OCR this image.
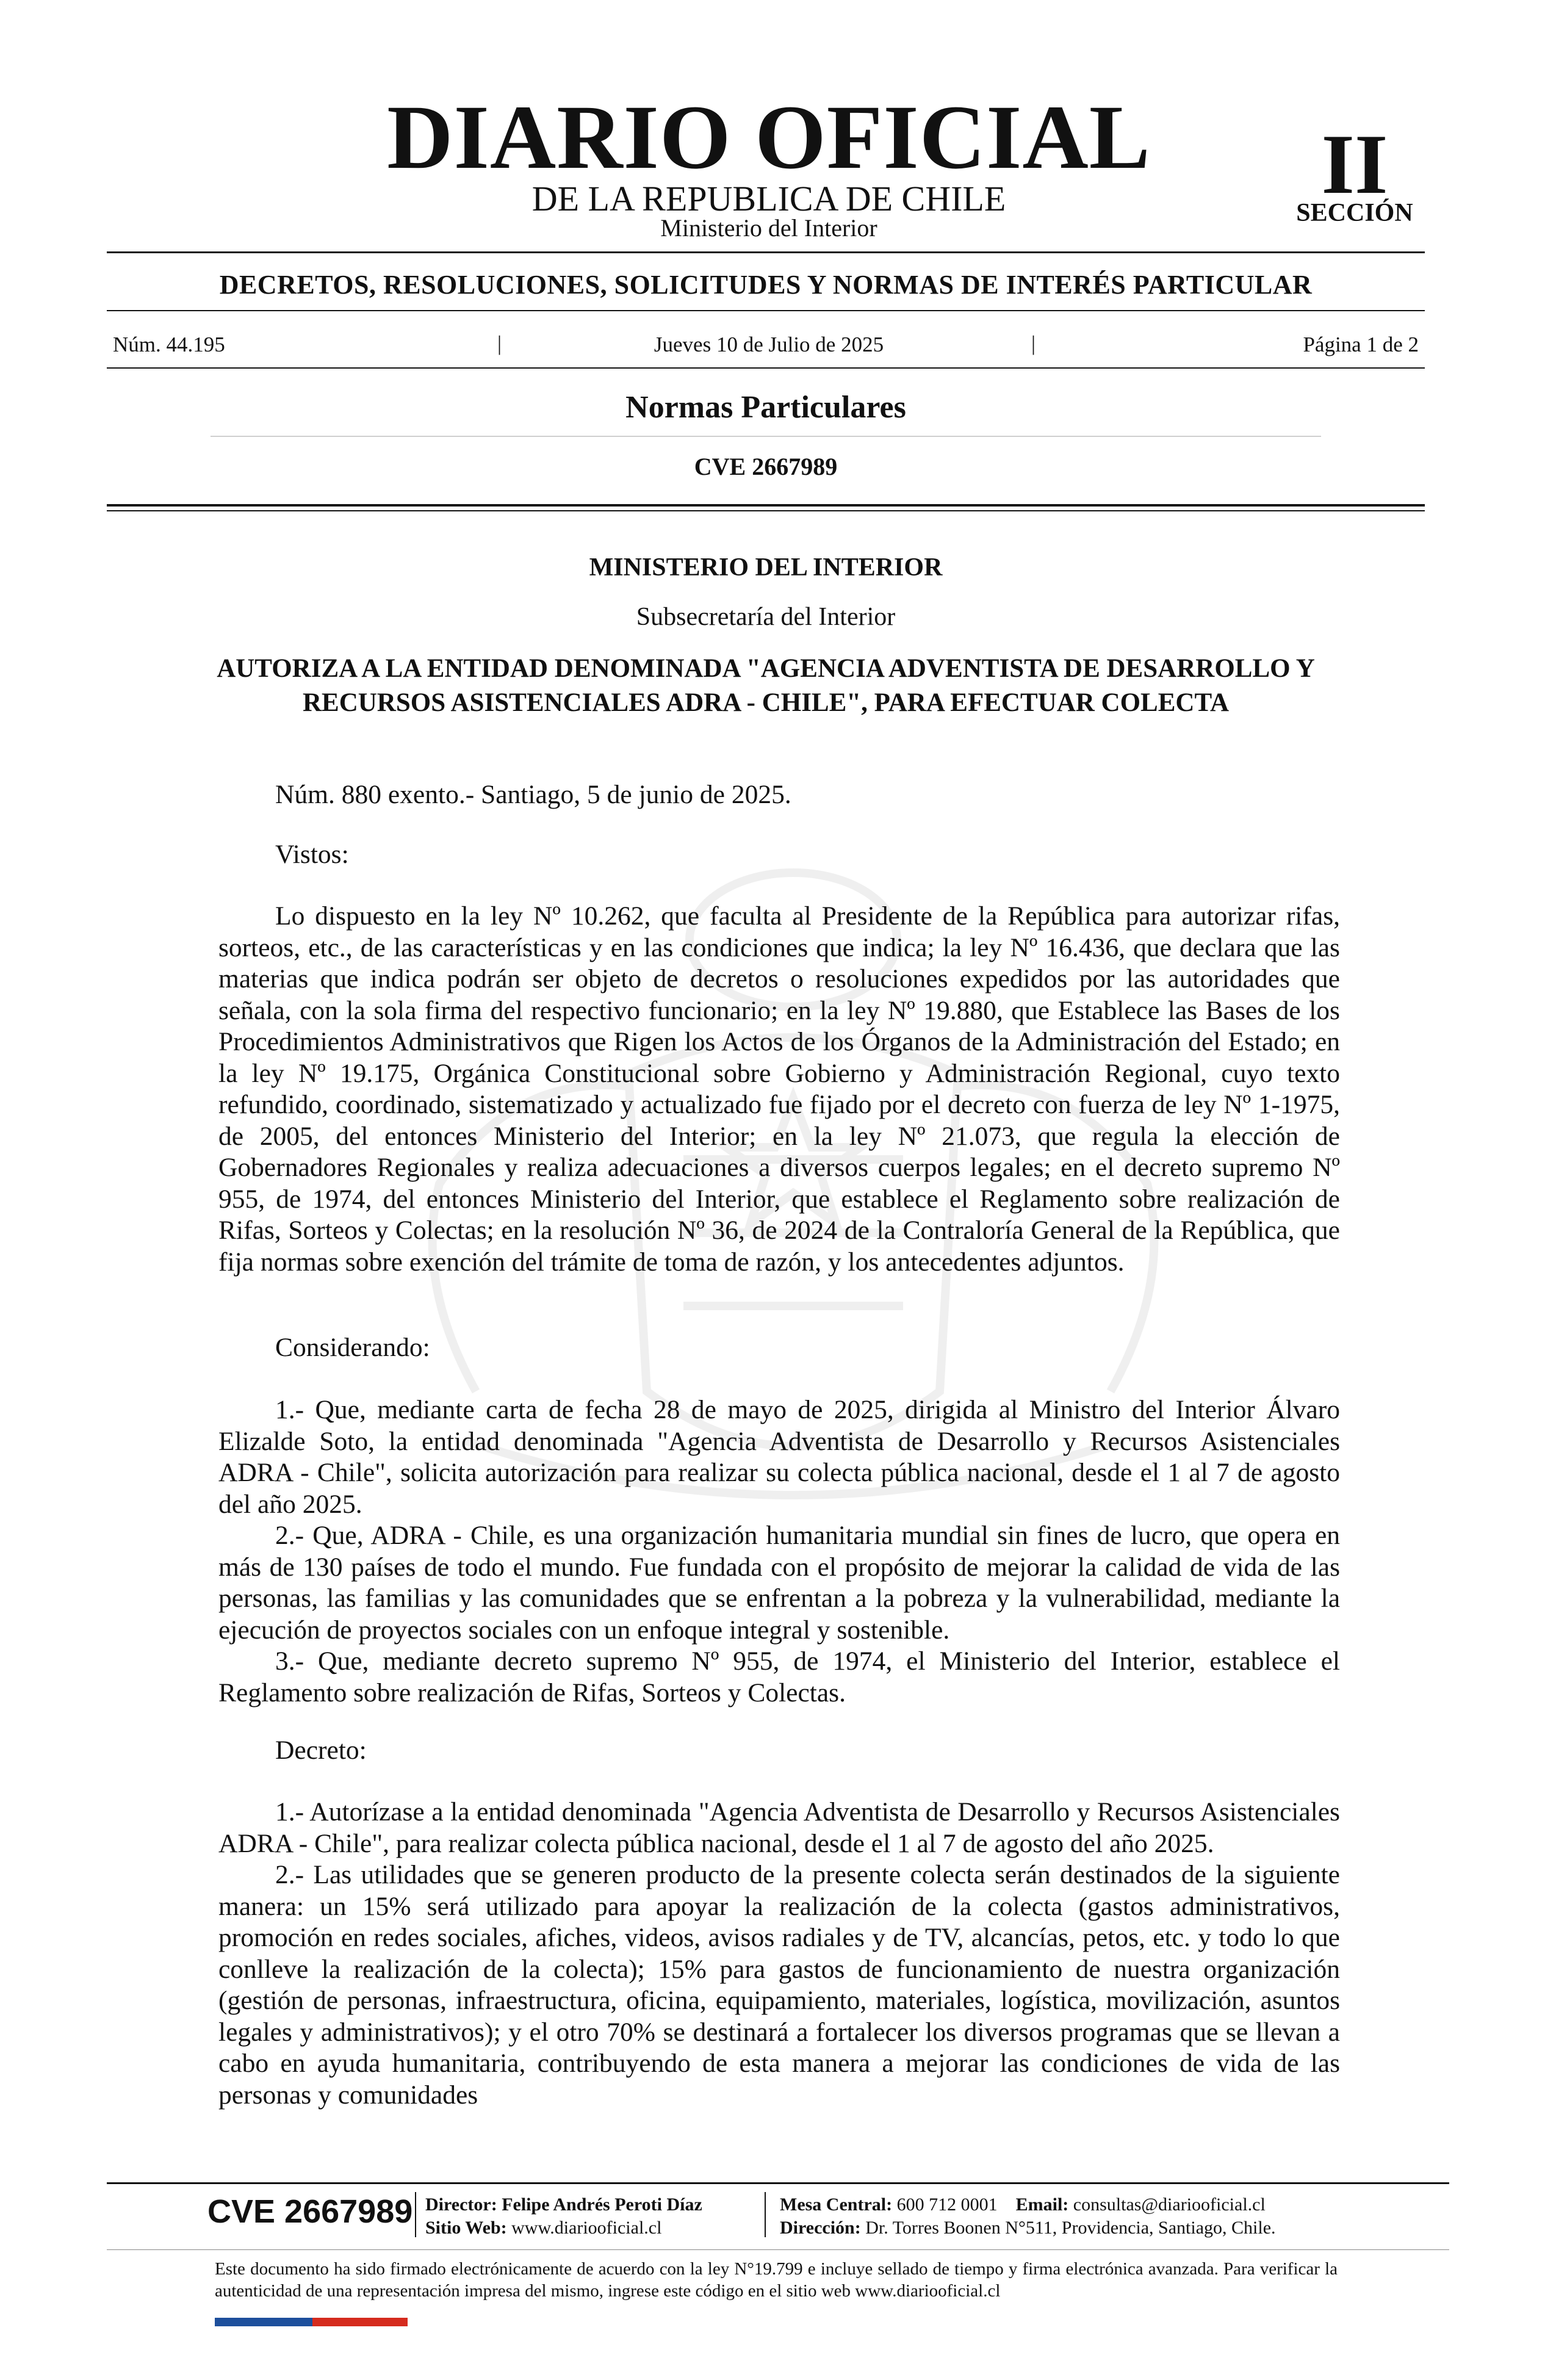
DIARIO OFICIAL
DE LA REPUBLICA DE CHILE
Ministerio del Interior
II
SECCIÓN
DECRETOS, RESOLUCIONES, SOLICITUDES Y NORMAS DE INTERÉS PARTICULAR
Núm. 44.195	|	Jueves 10 de Julio de 2025	|	Página 1 de 2
Normas Particulares
CVE 2667989
MINISTERIO DEL INTERIOR
Subsecretaría del Interior
AUTORIZA A LA ENTIDAD DENOMINADA "AGENCIA ADVENTISTA DE DESARROLLO Y RECURSOS ASISTENCIALES ADRA - CHILE", PARA EFECTUAR COLECTA

Núm. 880 exento.- Santiago, 5 de junio de 2025.

Vistos:

Lo dispuesto en la ley Nº 10.262, que faculta al Presidente de la República para autorizar rifas, sorteos, etc., de las características y en las condiciones que indica; la ley Nº 16.436, que declara que las materias que indica podrán ser objeto de decretos o resoluciones expedidos por las autoridades que señala, con la sola firma del respectivo funcionario; en la ley Nº 19.880, que Establece las Bases de los Procedimientos Administrativos que Rigen los Actos de los Órganos de la Administración del Estado; en la ley Nº 19.175, Orgánica Constitucional sobre Gobierno y Administración Regional, cuyo texto refundido, coordinado, sistematizado y actualizado fue fijado por el decreto con fuerza de ley Nº 1-1975, de 2005, del entonces Ministerio del Interior; en la ley Nº 21.073, que regula la elección de Gobernadores Regionales y realiza adecuaciones a diversos cuerpos legales; en el decreto supremo Nº 955, de 1974, del entonces Ministerio del Interior, que establece el Reglamento sobre realización de Rifas, Sorteos y Colectas; en la resolución Nº 36, de 2024 de la Contraloría General de la República, que fija normas sobre exención del trámite de toma de razón, y los antecedentes adjuntos.

Considerando:

1.- Que, mediante carta de fecha 28 de mayo de 2025, dirigida al Ministro del Interior Álvaro Elizalde Soto, la entidad denominada "Agencia Adventista de Desarrollo y Recursos Asistenciales ADRA - Chile", solicita autorización para realizar su colecta pública nacional, desde el 1 al 7 de agosto del año 2025.

2.- Que, ADRA - Chile, es una organización humanitaria mundial sin fines de lucro, que opera en más de 130 países de todo el mundo. Fue fundada con el propósito de mejorar la calidad de vida de las personas, las familias y las comunidades que se enfrentan a la pobreza y la vulnerabilidad, mediante la ejecución de proyectos sociales con un enfoque integral y sostenible.

3.- Que, mediante decreto supremo Nº 955, de 1974, el Ministerio del Interior, establece el Reglamento sobre realización de Rifas, Sorteos y Colectas.

Decreto:

1.- Autorízase a la entidad denominada "Agencia Adventista de Desarrollo y Recursos Asistenciales ADRA - Chile", para realizar colecta pública nacional, desde el 1 al 7 de agosto del año 2025.

2.- Las utilidades que se generen producto de la presente colecta serán destinados de la siguiente manera: un 15% será utilizado para apoyar la realización de la colecta (gastos administrativos, promoción en redes sociales, afiches, videos, avisos radiales y de TV, alcancías, petos, etc. y todo lo que conlleve la realización de la colecta); 15% para gastos de funcionamiento de nuestra organización (gestión de personas, infraestructura, oficina, equipamiento, materiales, logística, movilización, asuntos legales y administrativos); y el otro 70% se destinará a fortalecer los diversos programas que se llevan a cabo en ayuda humanitaria, contribuyendo de esta manera a mejorar las condiciones de vida de las personas y comunidades

CVE 2667989 Director: Felipe Andrés Peroti Díaz
Sitio Web: www.diariooficial.cl
Mesa Central: 600 712 0001 Email: consultas@diariooficial.cl
Dirección: Dr. Torres Boonen N°511, Providencia, Santiago, Chile.
Este documento ha sido firmado electrónicamente de acuerdo con la ley N°19.799 e incluye sellado de tiempo y firma electrónica avanzada. Para verificar la autenticidad de una representación impresa del mismo, ingrese este código en el sitio web www.diariooficial.cl
